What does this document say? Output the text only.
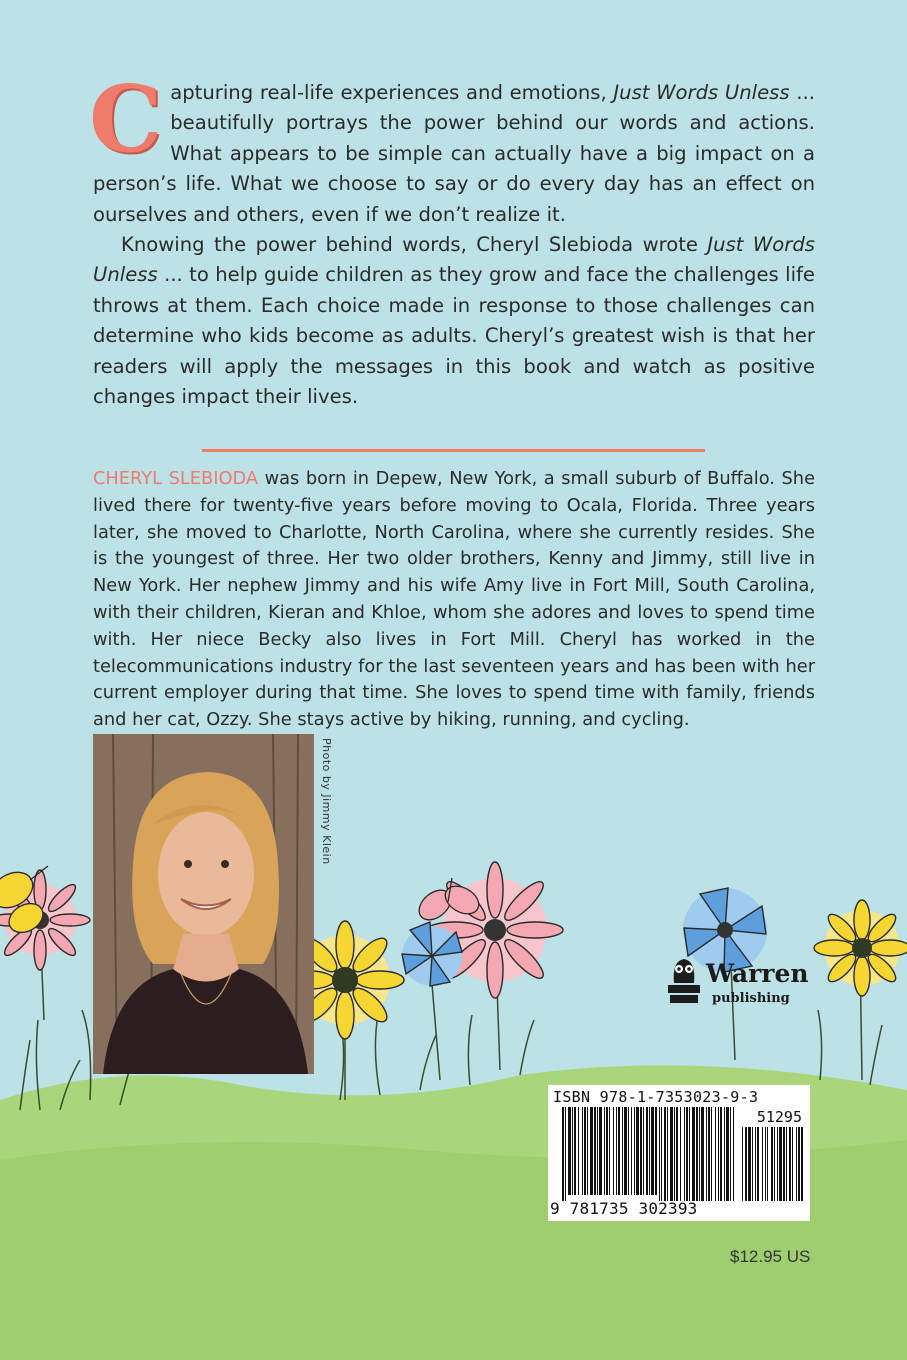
Capturing real-life experiences and emotions, Just Words Unless ... beautifully portrays the power behind our words and actions. What appears to be simple can actually have a big impact on a person’s life. What we choose to say or do every day has an effect on ourselves and others, even if we don’t realize it.

Knowing the power behind words, Cheryl Slebioda wrote Just Words Unless ... to help guide children as they grow and face the challenges life throws at them. Each choice made in response to those challenges can determine who kids become as adults. Cheryl’s greatest wish is that her readers will apply the messages in this book and watch as positive changes impact their lives.

CHERYL SLEBIODA was born in Depew, New York, a small suburb of Buffalo. She lived there for twenty-five years before moving to Ocala, Florida. Three years later, she moved to Charlotte, North Carolina, where she currently resides. She is the youngest of three. Her two older brothers, Kenny and Jimmy, still live in New York. Her nephew Jimmy and his wife Amy live in Fort Mill, South Carolina, with their children, Kieran and Khloe, whom she adores and loves to spend time with. Her niece Becky also lives in Fort Mill. Cheryl has worked in the telecommunications industry for the last seventeen years and has been with her current employer during that time. She loves to spend time with family, friends and her cat, Ozzy. She stays active by hiking, running, and cycling.
Photo by Jimmy Klein
Warren
publishing
ISBN 978-1-7353023-9-3
51295
9 781735 302393
$12.95 US
